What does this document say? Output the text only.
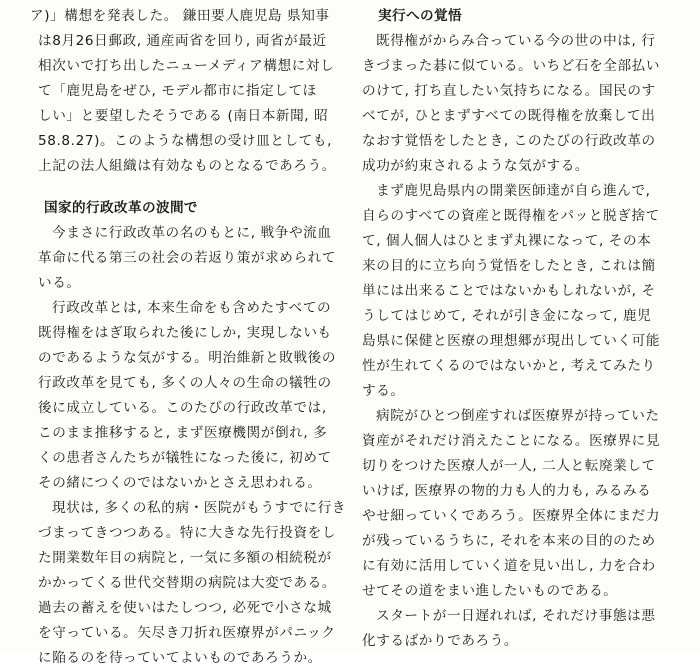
ア)」構想を発表した。 鎌田要人鹿児島 県知事
は8月26日郵政, 通産両省を回り, 両省が最近
相次いで打ち出したニューメディア構想に対し
て「鹿児島をぜひ, モデル都市に指定してほ
しい」と要望したそうである (南日本新聞, 昭
58.8.27)。このような構想の受け皿としても,
上記の法人組織は有効なものとなるであろう。
国家的行政改革の波間で
今まさに行政改革の名のもとに, 戦争や流血
革命に代る第三の社会の若返り策が求められて
いる。
行政改革とは, 本来生命をも含めたすべての
既得権をはぎ取られた後にしか, 実現しないも
のであるような気がする。明治維新と敗戦後の
行政改革を見ても, 多くの人々の生命の犠牲の
後に成立している。このたびの行政改革では,
このまま推移すると, まず医療機関が倒れ, 多
くの患者さんたちが犠牲になった後に, 初めて
その緒につくのではないかとさえ思われる。
現状は, 多くの私的病・医院がもうすでに行き
づまってきつつある。特に大きな先行投資をし
た開業数年目の病院と, 一気に多額の相続税が
かかってくる世代交替期の病院は大変である。
過去の蓄えを使いはたしつつ, 必死で小さな城
を守っている。矢尽き刀折れ医療界がパニック
に陥るのを待っていてよいものであろうか。
実行への覚悟
既得権がからみ合っている今の世の中は, 行
きづまった碁に似ている。いちど石を全部払い
のけて, 打ち直したい気持ちになる。国民のす
べてが, ひとまずすべての既得権を放棄して出
なおす覚悟をしたとき, このたびの行政改革の
成功が約束されるような気がする。
まず鹿児島県内の開業医師達が自ら進んで,
自らのすべての資産と既得権をパッと脱ぎ捨て
て, 個人個人はひとまず丸裸になって, その本
来の目的に立ち向う覚悟をしたとき, これは簡
単には出来ることではないかもしれないが, そ
うしてはじめて, それが引き金になって, 鹿児
島県に保健と医療の理想郷が現出していく可能
性が生れてくるのではないかと, 考えてみたり
する。
病院がひとつ倒産すれば医療界が持っていた
資産がそれだけ消えたことになる。医療界に見
切りをつけた医療人が一人, 二人と転廃業して
いけば, 医療界の物的力も人的力も, みるみる
やせ細っていくであろう。医療界全体にまだ力
が残っているうちに, それを本来の目的のため
に有効に活用していく道を見い出し, 力を合わ
せてその道をまい進したいものである。
スタートが一日遅れれば, それだけ事態は悪
化するばかりであろう。
